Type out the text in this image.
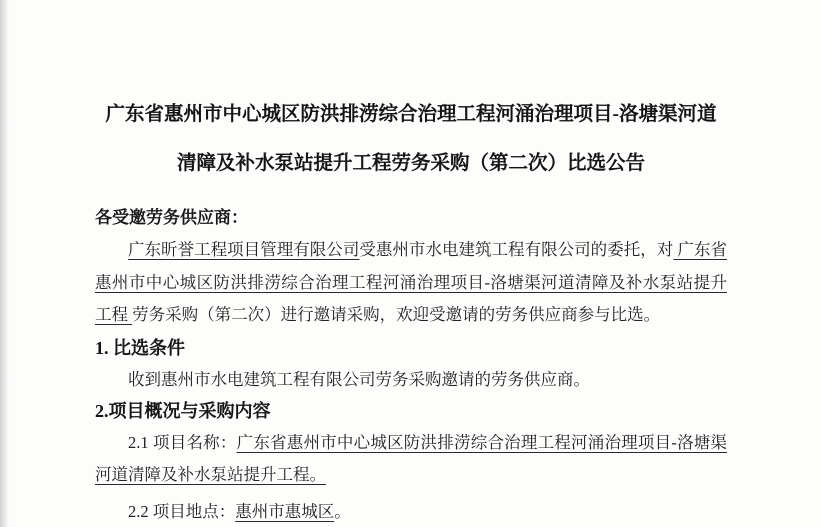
广东省惠州市中心城区防洪排涝综合治理工程河涌治理项目-洛塘渠河道
清障及补水泵站提升工程劳务采购（第二次）比选公告

各受邀劳务供应商：

广东昕誉工程项目管理有限公司受惠州市水电建筑工程有限公司的委托，对 广东省惠州市中心城区防洪排涝综合治理工程河涌治理项目-洛塘渠河道清障及补水泵站提升工程 劳务采购（第二次）进行邀请采购，欢迎受邀请的劳务供应商参与比选。

1. 比选条件

收到惠州市水电建筑工程有限公司劳务采购邀请的劳务供应商。

2.项目概况与采购内容

2.1 项目名称：广东省惠州市中心城区防洪排涝综合治理工程河涌治理项目-洛塘渠河道清障及补水泵站提升工程。

2.2 项目地点：惠州市惠城区。
